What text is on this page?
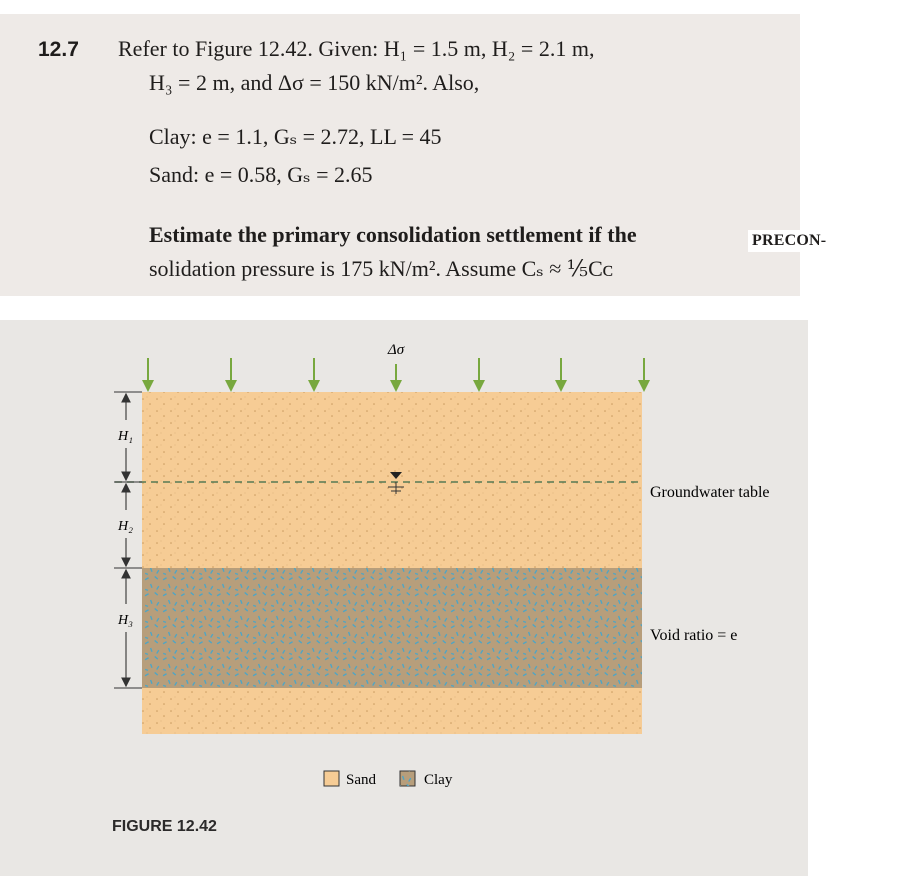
12.7 Refer to Figure 12.42. Given: H₁ = 1.5 m, H₂ = 2.1 m,
H₃ = 2 m, and Δσ = 150 kN/m². Also,
Clay: e = 1.1, Gₛ = 2.72, LL = 45
Sand: e = 0.58, Gₛ = 2.65
Estimate the primary consolidation settlement if the
solidation pressure is 175 kN/m². Assume Cₛ ≈ ⅕Cᴄ
PRECON-
Δσ
H₁
H₂
H₃
Groundwater table
Void ratio = e
Sand	Clay
FIGURE 12.42
